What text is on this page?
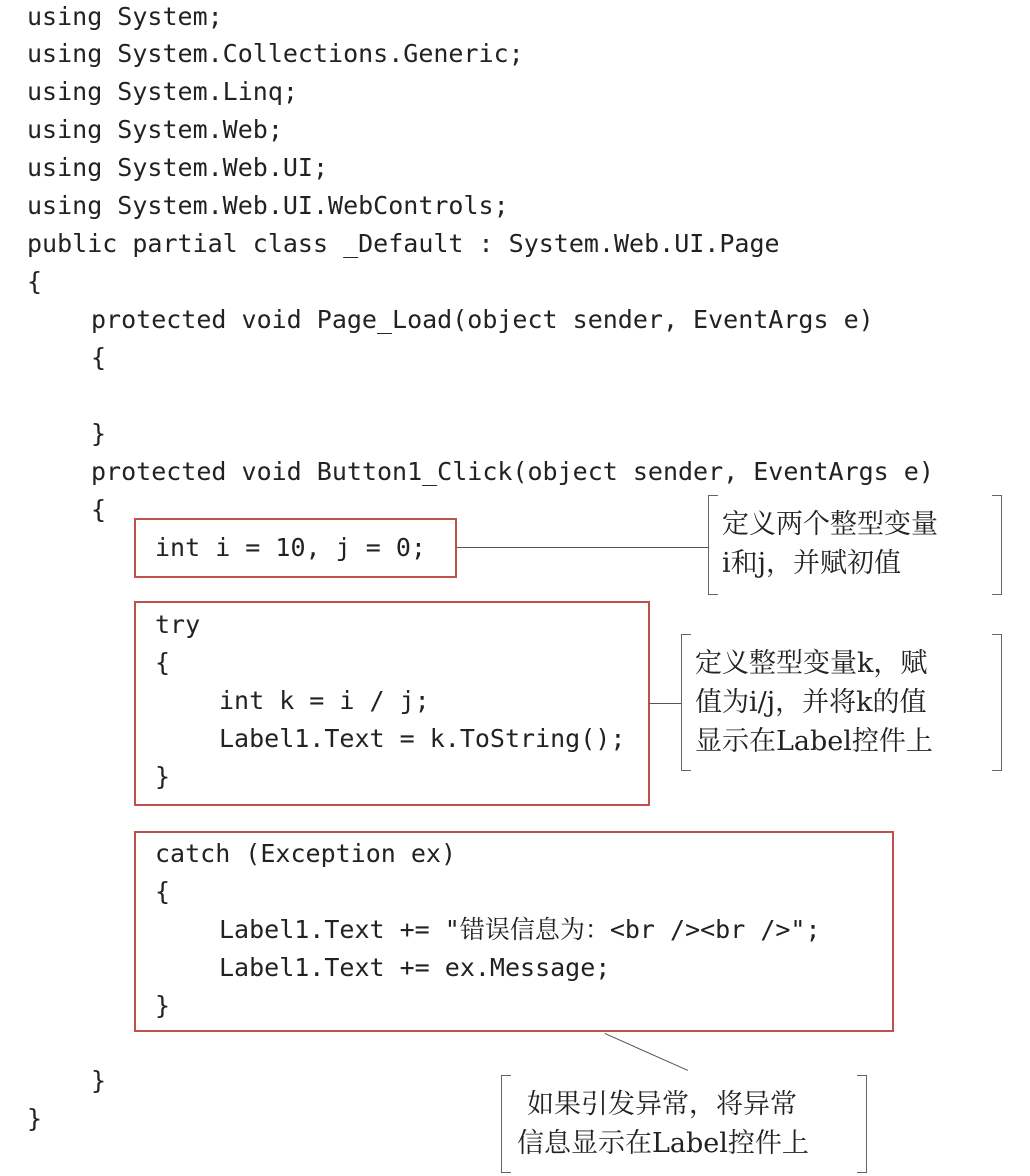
using System;
using System.Collections.Generic;
using System.Linq;
using System.Web;
using System.Web.UI;
using System.Web.UI.WebControls;
public partial class _Default : System.Web.UI.Page
{
protected void Page_Load(object sender, EventArgs e)
{
}
protected void Button1_Click(object sender, EventArgs e)
{
int i = 10, j = 0;
try
{
int k = i / j;
Label1.Text = k.ToString();
}
catch (Exception ex)
{
Label1.Text += "错误信息为：<br /><br />";
Label1.Text += ex.Message;
}
}
}
定义两个整型变量
i和j，并赋初值
定义整型变量k，赋
值为i/j，并将k的值
显示在Label控件上
如果引发异常，将异常
信息显示在Label控件上
